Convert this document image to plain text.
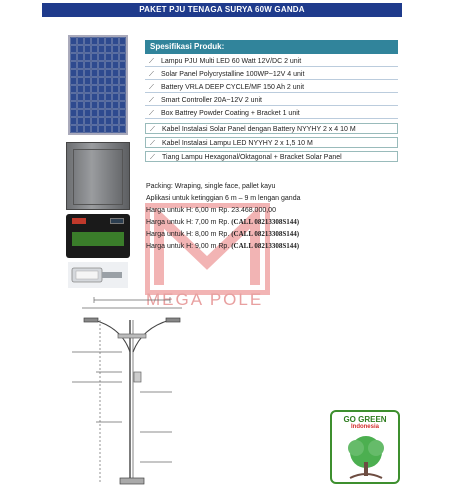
PAKET PJU TENAGA SURYA 60W GANDA
MEGA POLE
Spesifikasi Produk:
⟋ Lampu PJU Multi LED 60 Watt 12V/DC 2 unit
⟋ Solar Panel Polycrystalline 100WP~12V 4 unit
⟋ Battery VRLA DEEP CYCLE/MF 150 Ah 2 unit
⟋ Smart Controller 20A~12V 2 unit
⟋ Box Battrey Powder Coating + Bracket 1 unit
⟋ Kabel Instalasi Solar Panel dengan Battery NYYHY 2 x 4 10 M
⟋ Kabel Instalasi Lampu LED NYYHY 2 x 1,5 10 M
⟋ Tiang Lampu Hexagonal/Oktagonal + Bracket Solar Panel
Packing: Wraping, single face, pallet kayu
Aplikasi untuk ketinggian 6 m – 9 m lengan ganda
Harga untuk H: 6,00 m Rp. 23.468.000,00
Harga untuk H: 7,00 m Rp. (CALL 08213308S144)
Harga untuk H: 8,00 m Rp. (CALL 08213308S144)
Harga untuk H: 9,00 m Rp. (CALL 08213308S144)
GO GREEN
Indonesia
